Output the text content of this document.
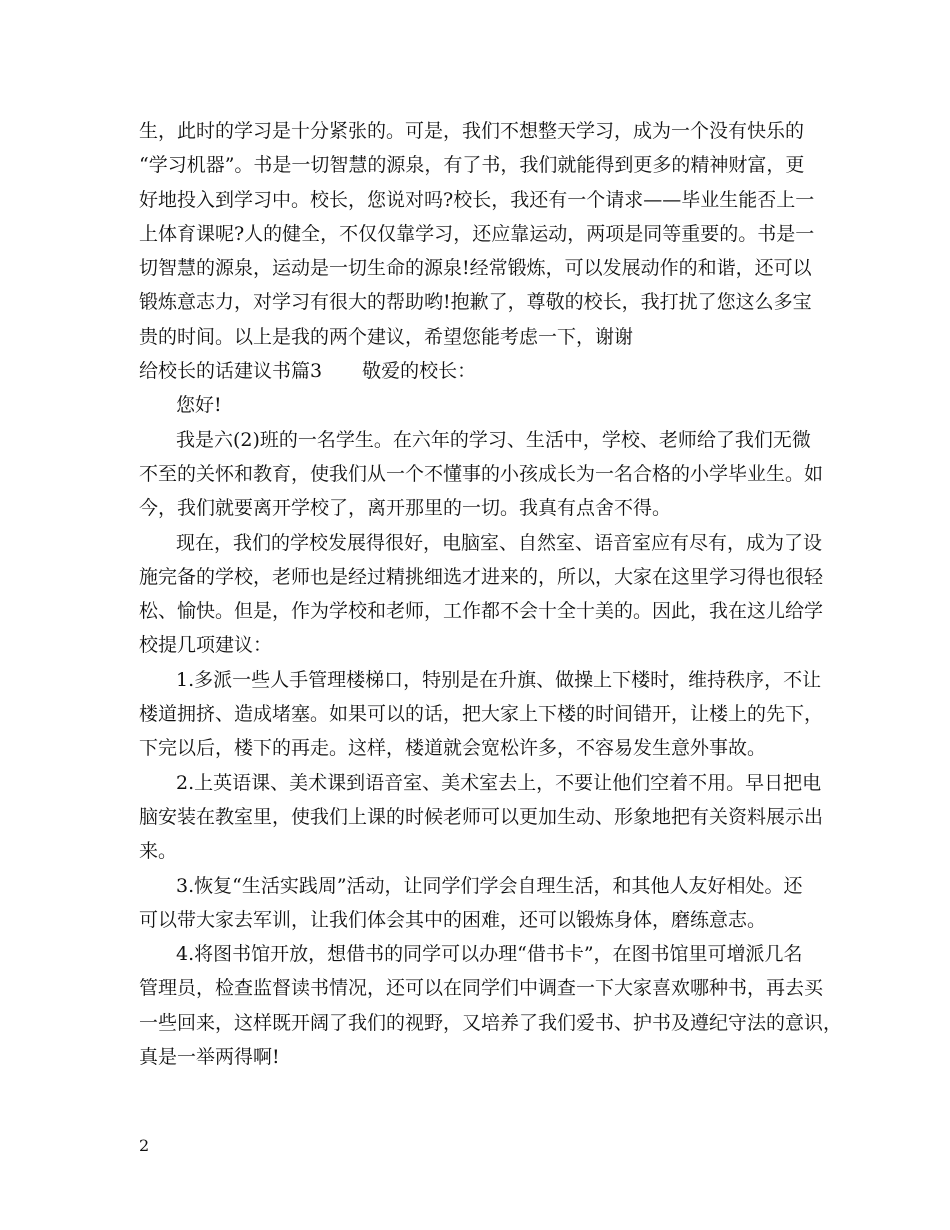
生，此时的学习是十分紧张的。可是，我们不想整天学习，成为一个没有快乐的
“学习机器”。书是一切智慧的源泉，有了书，我们就能得到更多的精神财富，更
好地投入到学习中。校长，您说对吗?校长，我还有一个请求——毕业生能否上一
上体育课呢?人的健全，不仅仅靠学习，还应靠运动，两项是同等重要的。书是一
切智慧的源泉，运动是一切生命的源泉!经常锻炼，可以发展动作的和谐，还可以
锻炼意志力，对学习有很大的帮助哟!抱歉了，尊敬的校长，我打扰了您这么多宝
贵的时间。以上是我的两个建议，希望您能考虑一下，谢谢
给校长的话建议书篇3 敬爱的校长：
您好!
我是六(2)班的一名学生。在六年的学习、生活中，学校、老师给了我们无微
不至的关怀和教育，使我们从一个不懂事的小孩成长为一名合格的小学毕业生。如
今，我们就要离开学校了，离开那里的一切。我真有点舍不得。
现在，我们的学校发展得很好，电脑室、自然室、语音室应有尽有，成为了设
施完备的学校，老师也是经过精挑细选才进来的，所以，大家在这里学习得也很轻
松、愉快。但是，作为学校和老师，工作都不会十全十美的。因此，我在这儿给学
校提几项建议：
1.多派一些人手管理楼梯口，特别是在升旗、做操上下楼时，维持秩序，不让
楼道拥挤、造成堵塞。如果可以的话，把大家上下楼的时间错开，让楼上的先下，
下完以后，楼下的再走。这样，楼道就会宽松许多，不容易发生意外事故。
2.上英语课、美术课到语音室、美术室去上，不要让他们空着不用。早日把电
脑安装在教室里，使我们上课的时候老师可以更加生动、形象地把有关资料展示出
来。
3.恢复“生活实践周”活动，让同学们学会自理生活，和其他人友好相处。还
可以带大家去军训，让我们体会其中的困难，还可以锻炼身体，磨练意志。
4.将图书馆开放，想借书的同学可以办理“借书卡”，在图书馆里可增派几名
管理员，检查监督读书情况，还可以在同学们中调查一下大家喜欢哪种书，再去买
一些回来，这样既开阔了我们的视野，又培养了我们爱书、护书及遵纪守法的意识，
真是一举两得啊!
2
